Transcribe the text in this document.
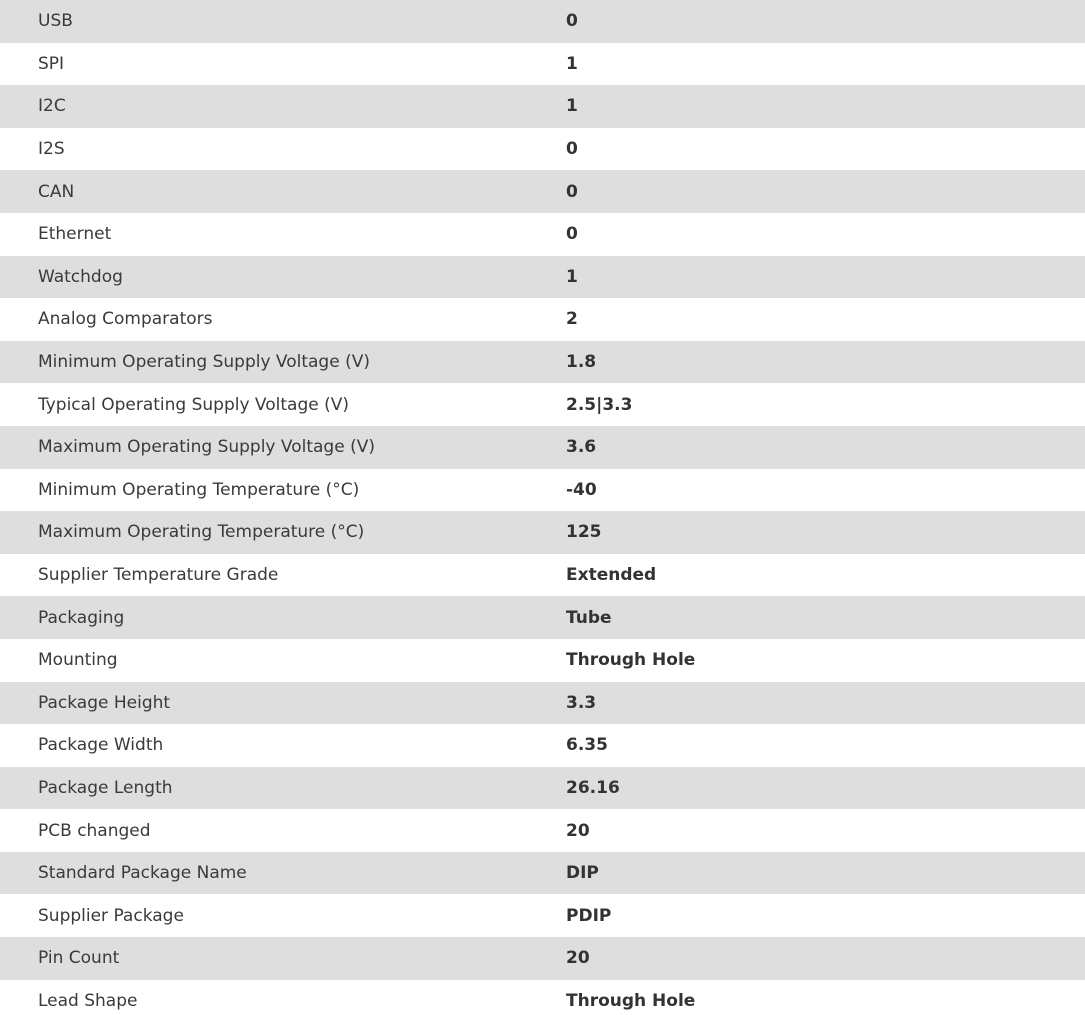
USB	0
SPI	1
I2C	1
I2S	0
CAN	0
Ethernet	0
Watchdog	1
Analog Comparators	2
Minimum Operating Supply Voltage (V)	1.8
Typical Operating Supply Voltage (V)	2.5|3.3
Maximum Operating Supply Voltage (V)	3.6
Minimum Operating Temperature (°C)	-40
Maximum Operating Temperature (°C)	125
Supplier Temperature Grade	Extended
Packaging	Tube
Mounting	Through Hole
Package Height	3.3
Package Width	6.35
Package Length	26.16
PCB changed	20
Standard Package Name	DIP
Supplier Package	PDIP
Pin Count	20
Lead Shape	Through Hole
